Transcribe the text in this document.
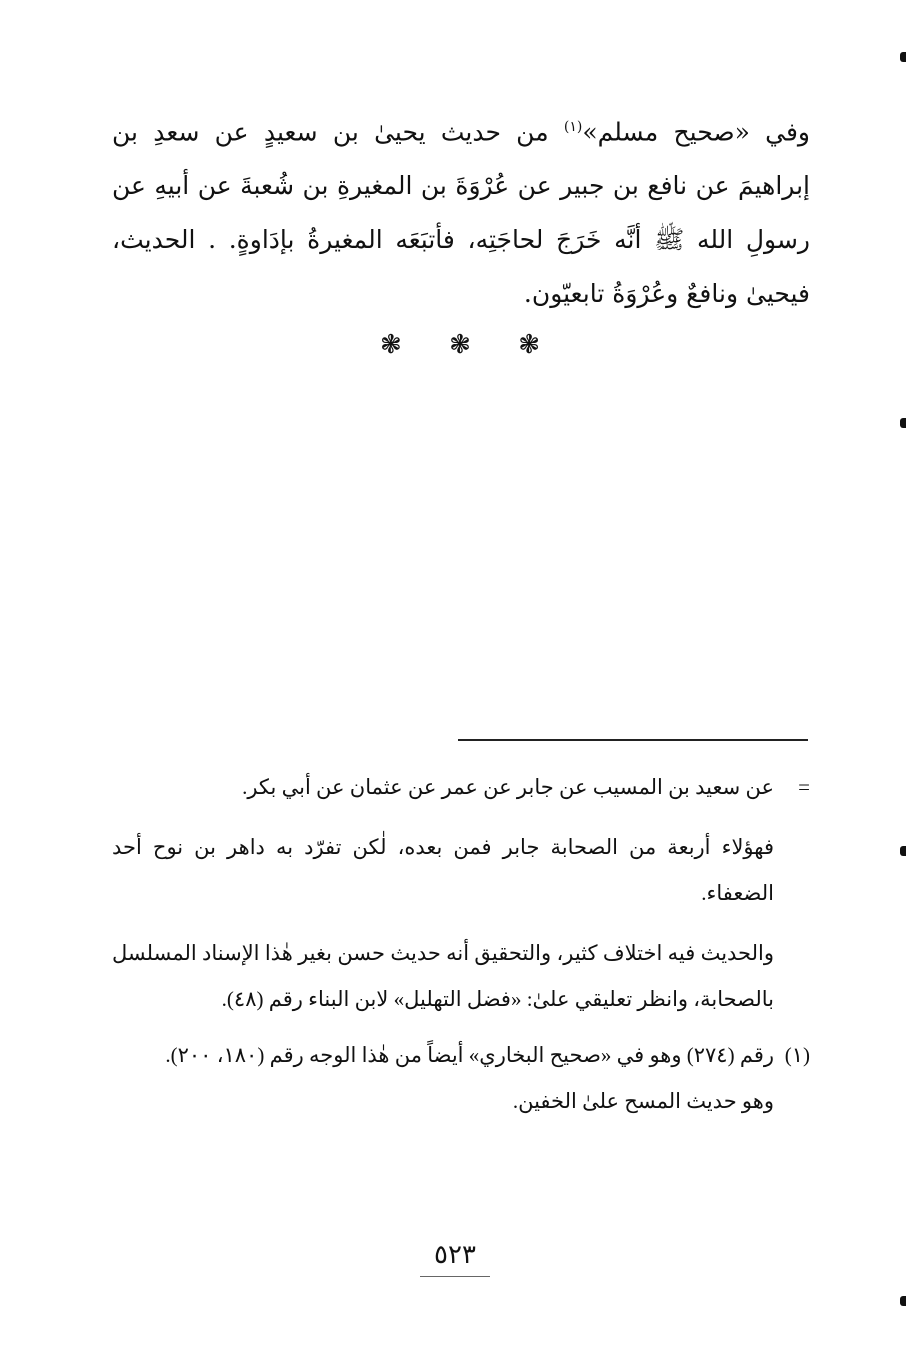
وفي «صحيح مسلم»$^{(١)}$ من حديث يحيىٰ بن سعيدٍ عن سعدِ بن إبراهيمَ عن نافع بن جبير عن عُرْوَةَ بن المغيرةِ بن شُعبةَ عن أبيهِ عن رسولِ الله ﷺ أنَّه خَرَجَ لحاجَتِه، فأتبَعَه المغيرةُ بإدَاوةٍ. . الحديث، فيحيىٰ ونافعٌ وعُرْوَةُ تابعيّون.

❃ ❃ ❃
=
عن سعيد بن المسيب عن جابر عن عمر عن عثمان عن أبي بكر.

فهؤلاء أربعة من الصحابة جابر فمن بعده، لٰكن تفرّد به داهر بن نوح أحد الضعفاء.

والحديث فيه اختلاف كثير، والتحقيق أنه حديث حسن بغير هٰذا الإسناد المسلسل بالصحابة، وانظر تعليقي علىٰ: «فضل التهليل» لابن البناء رقم (٤٨).

(١)

رقم (٢٧٤) وهو في «صحيح البخاري» أيضاً من هٰذا الوجه رقم (١٨٠، ٢٠٠).

وهو حديث المسح علىٰ الخفين.

٥٢٣
